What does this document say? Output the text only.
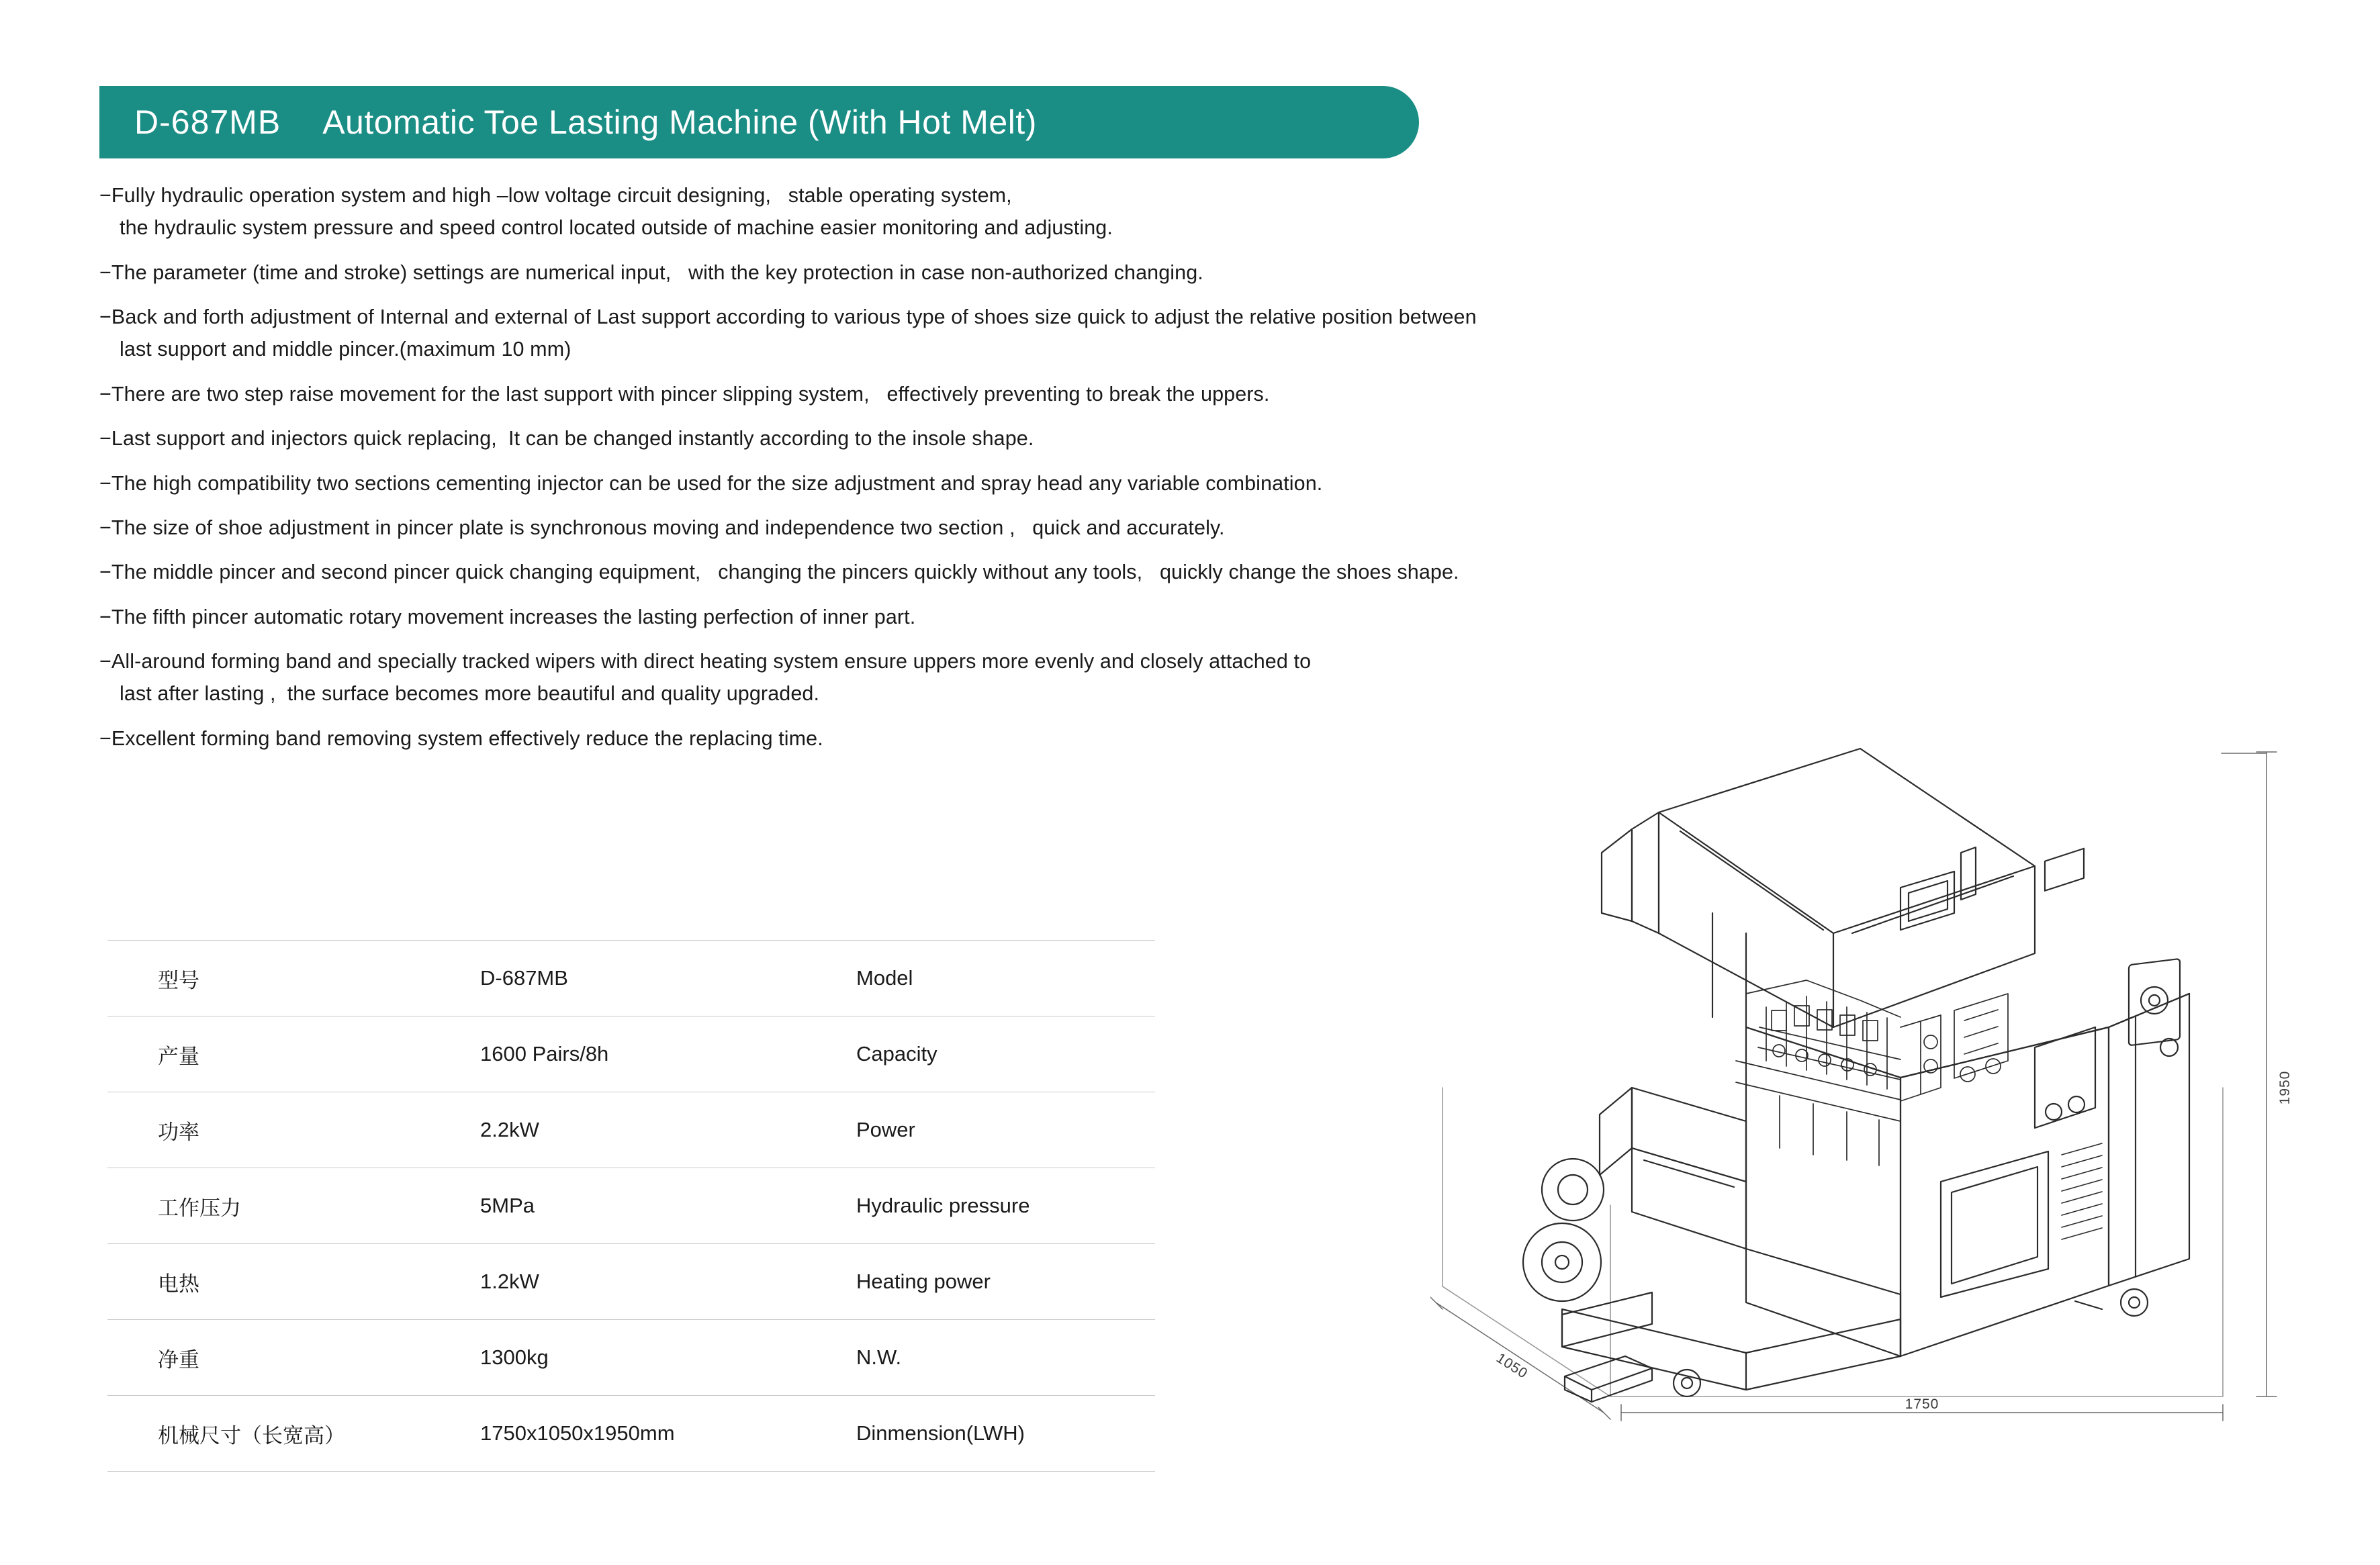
D-687MB Automatic Toe Lasting Machine (With Hot Melt)
−Fully hydraulic operation system and high –low voltage circuit designing,   stable operating system,
the hydraulic system pressure and speed control located outside of machine easier monitoring and adjusting.
−The parameter (time and stroke) settings are numerical input,   with the key protection in case non-authorized changing.
−Back and forth adjustment of Internal and external of Last support according to various type of shoes size quick to adjust the relative position between
last support and middle pincer.(maximum 10 mm)
−There are two step raise movement for the last support with pincer slipping system,   effectively preventing to break the uppers.
−Last support and injectors quick replacing,  It can be changed instantly according to the insole shape.
−The high compatibility two sections cementing injector can be used for the size adjustment and spray head any variable combination.
−The size of shoe adjustment in pincer plate is synchronous moving and independence two section ,   quick and accurately.
−The middle pincer and second pincer quick changing equipment,   changing the pincers quickly without any tools,   quickly change the shoes shape.
−The fifth pincer automatic rotary movement increases the lasting perfection of inner part.
−All-around forming band and specially tracked wipers with direct heating system ensure uppers more evenly and closely attached to
last after lasting ,  the surface becomes more beautiful and quality upgraded.
−Excellent forming band removing system effectively reduce the replacing time.
型号	D-687MB	Model
产量	1600 Pairs/8h	Capacity
功率	2.2kW	Power
工作压力	5MPa	Hydraulic pressure
电热	1.2kW	Heating power
净重	1300kg	N.W.
机械尺寸（长宽高）	1750x1050x1950mm	Dinmension(LWH)
1950
1050
1750
